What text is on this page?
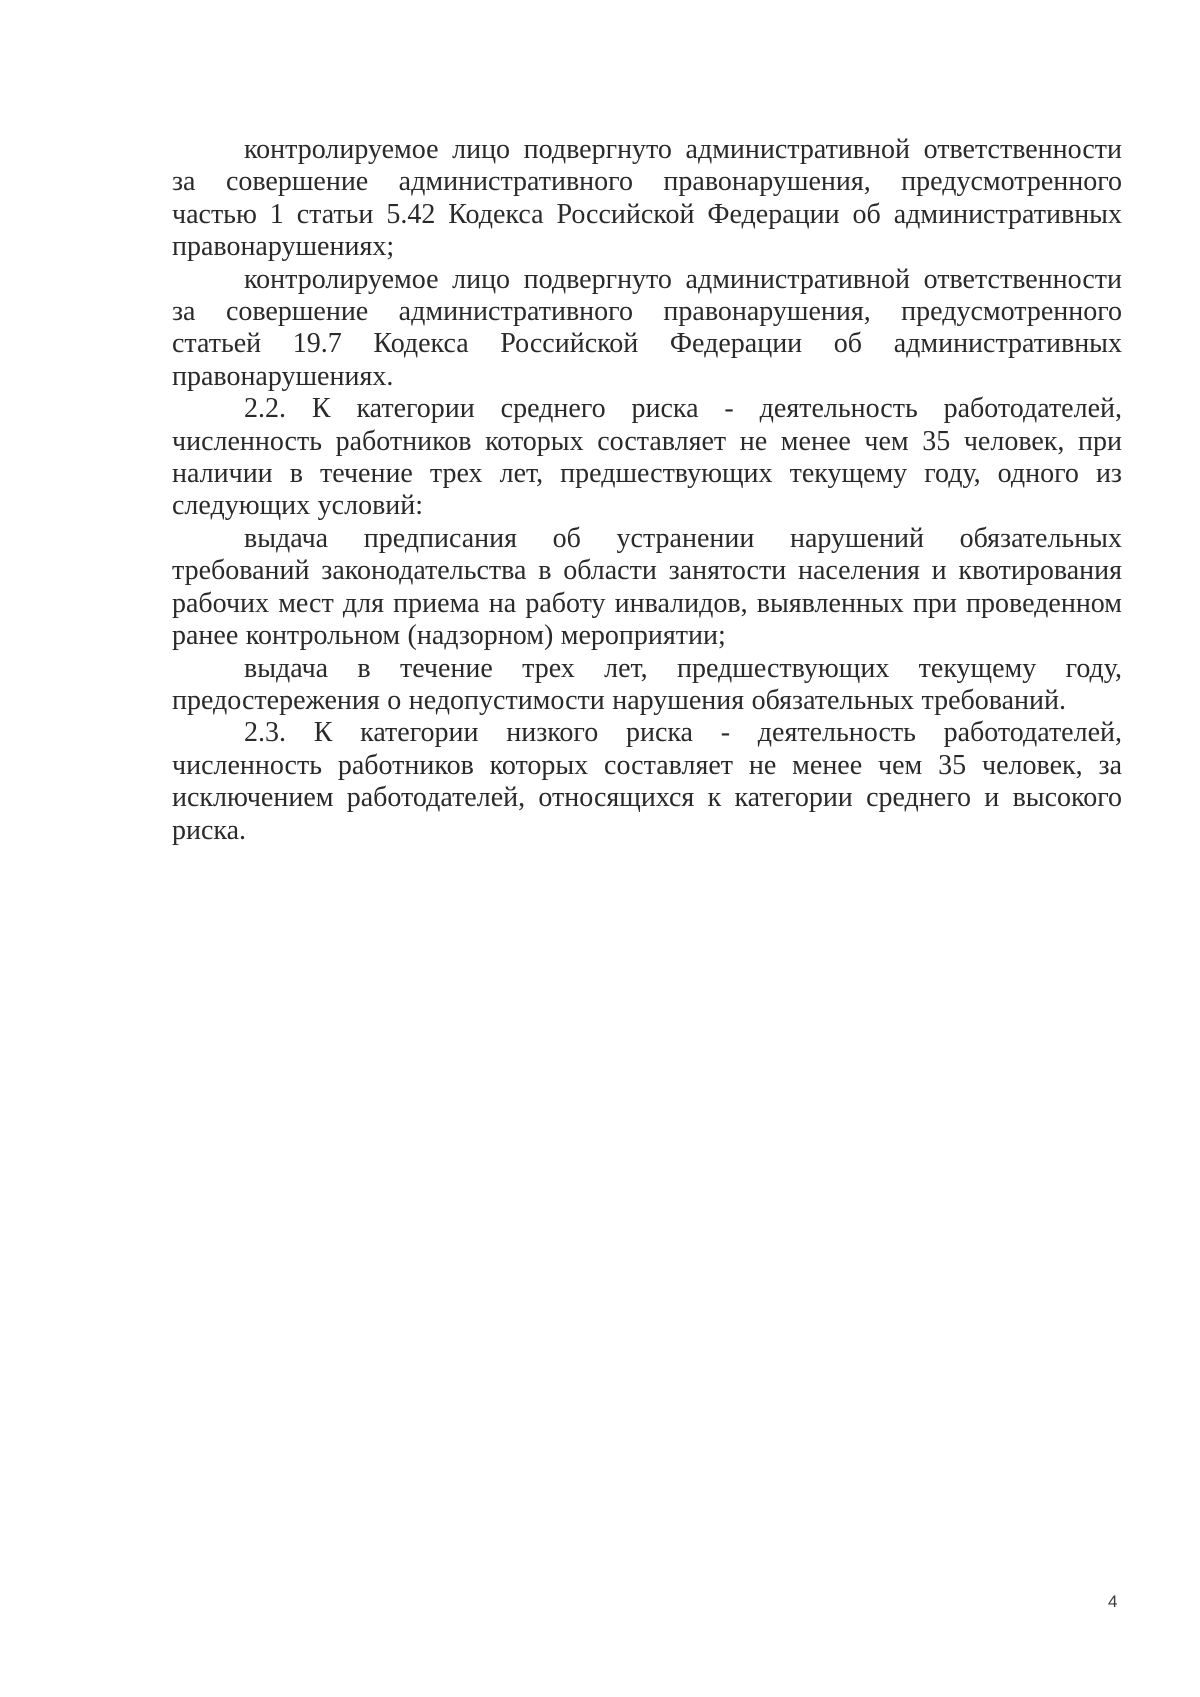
контролируемое лицо подвергнуто административной ответственности за совершение административного правонарушения, предусмотренного частью 1 статьи 5.42 Кодекса Российской Федерации об административных правонарушениях;

контролируемое лицо подвергнуто административной ответственности за совершение административного правонарушения, предусмотренного статьей 19.7 Кодекса Российской Федерации об административных правонарушениях.

2.2. К категории среднего риска - деятельность работодателей, численность работников которых составляет не менее чем 35 человек, при наличии в течение трех лет, предшествующих текущему году, одного из следующих условий:

выдача предписания об устранении нарушений обязательных требований законодательства в области занятости населения и квотирования рабочих мест для приема на работу инвалидов, выявленных при проведенном ранее контрольном (надзорном) мероприятии;

выдача в течение трех лет, предшествующих текущему году, предостережения о недопустимости нарушения обязательных требований.

2.3. К категории низкого риска - деятельность работодателей, численность работников которых составляет не менее чем 35 человек, за исключением работодателей, относящихся к категории среднего и высокого риска.

4
